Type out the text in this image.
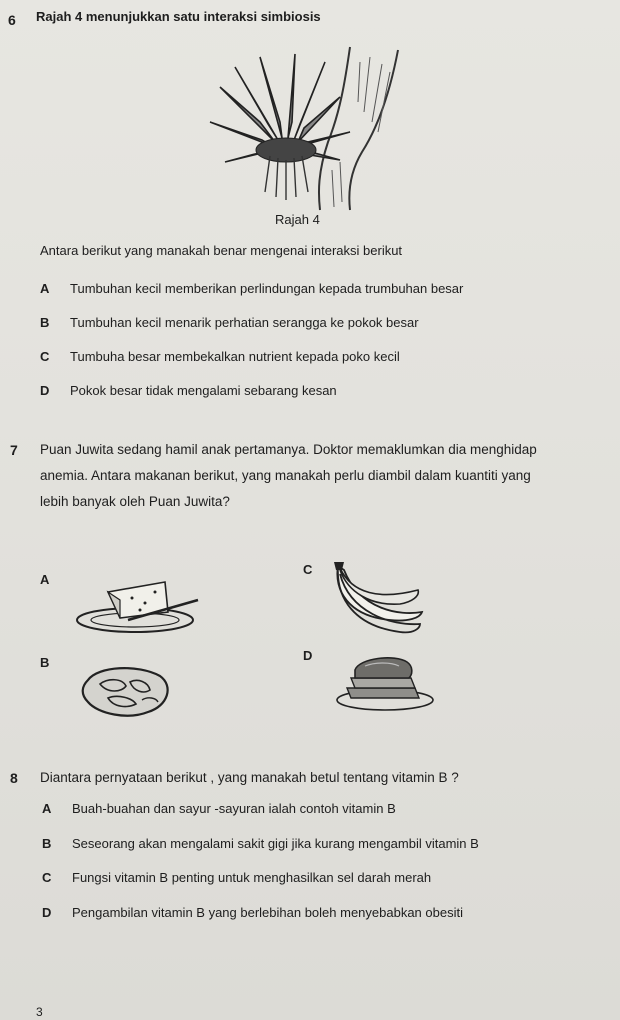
6 Rajah 4 menunjukkan satu interaksi simbiosis
Rajah 4
Antara berikut yang manakah benar mengenai interaksi berikut
A Tumbuhan kecil memberikan perlindungan kepada trumbuhan besar
B Tumbuhan kecil menarik perhatian serangga ke pokok besar
C Tumbuha besar membekalkan nutrient kepada poko kecil
D Pokok besar tidak mengalami sebarang kesan
7 Puan Juwita sedang hamil anak pertamanya. Doktor memaklumkan dia menghidap
anemia. Antara makanan berikut, yang manakah perlu diambil dalam kuantiti yang
lebih banyak oleh Puan Juwita?
A
C
B	D
8 Diantara pernyataan berikut , yang manakah betul tentang vitamin B ?
A Buah-buahan dan sayur -sayuran ialah contoh vitamin B
B Seseorang akan mengalami sakit gigi jika kurang mengambil vitamin B
C Fungsi vitamin B penting untuk menghasilkan sel darah merah
D Pengambilan vitamin B yang berlebihan boleh menyebabkan obesiti
3
